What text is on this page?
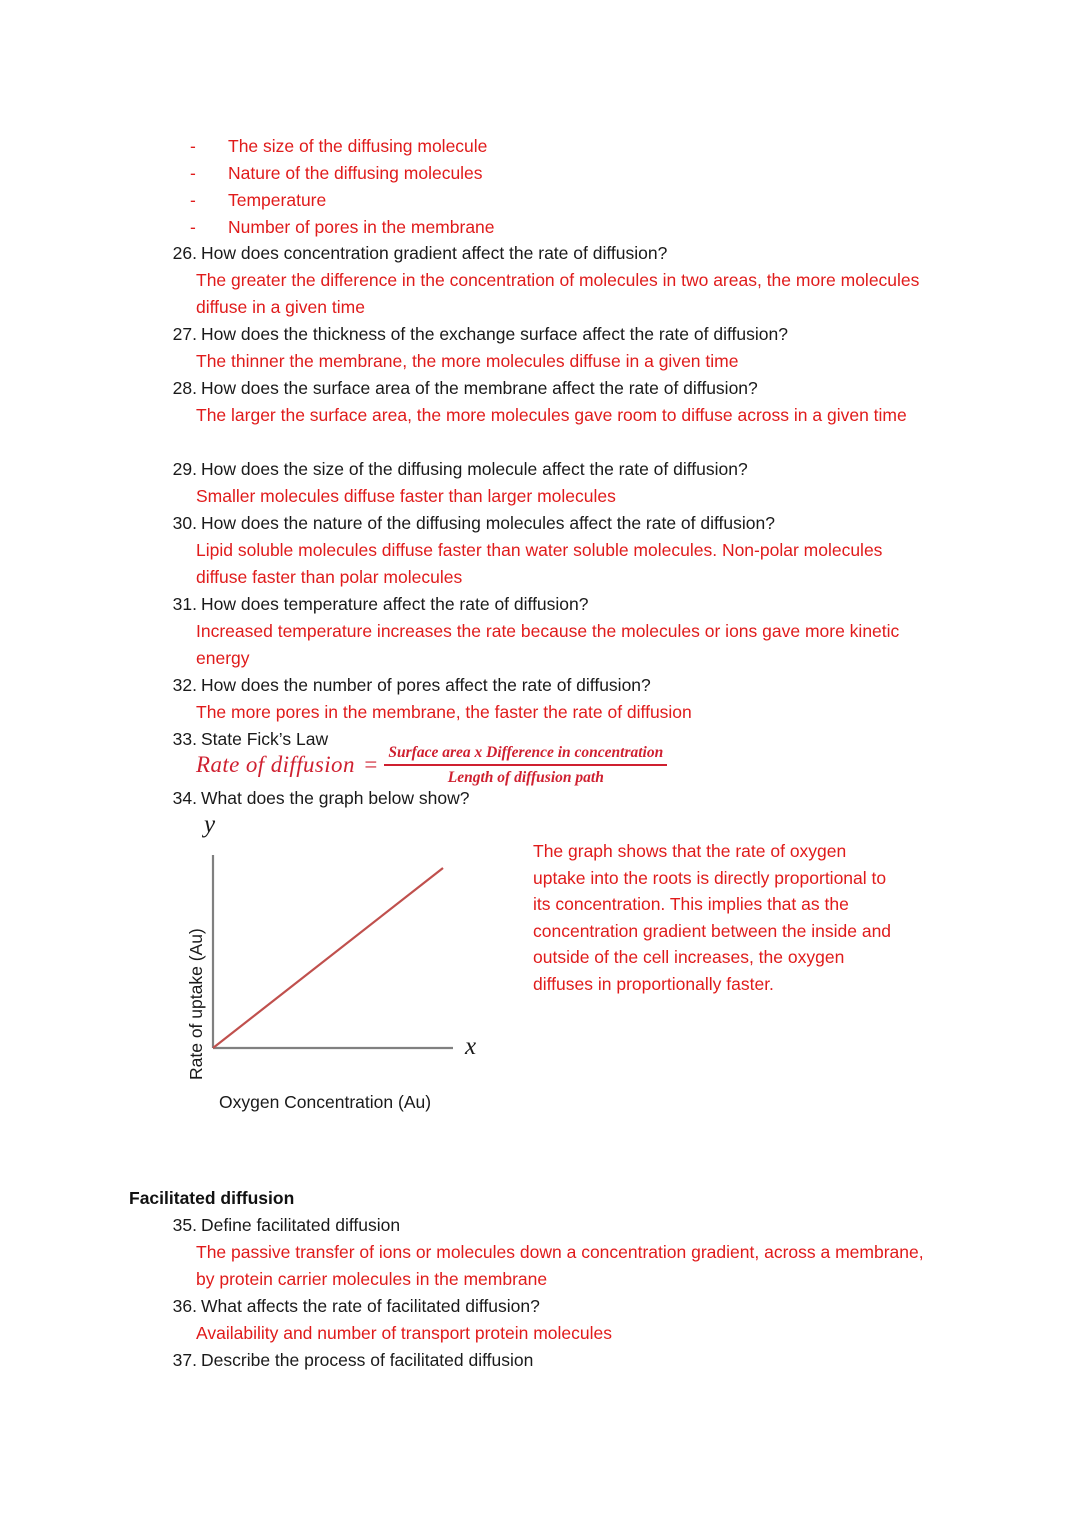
- The size of the diffusing molecule
- Nature of the diffusing molecules
- Temperature
- Number of pores in the membrane
26. How does concentration gradient affect the rate of diffusion?
The greater the difference in the concentration of molecules in two areas, the more molecules diffuse in a given time
27. How does the thickness of the exchange surface affect the rate of diffusion?
The thinner the membrane, the more molecules diffuse in a given time
28. How does the surface area of the membrane affect the rate of diffusion?
The larger the surface area, the more molecules gave room to diffuse across in a given time
29. How does the size of the diffusing molecule affect the rate of diffusion?
Smaller molecules diffuse faster than larger molecules
30. How does the nature of the diffusing molecules affect the rate of diffusion?
Lipid soluble molecules diffuse faster than water soluble molecules. Non-polar molecules diffuse faster than polar molecules
31. How does temperature affect the rate of diffusion?
Increased temperature increases the rate because the molecules or ions gave more kinetic energy
32. How does the number of pores affect the rate of diffusion?
The more pores in the membrane, the faster the rate of diffusion
33. State Fick’s Law
Rate of diffusion = $\frac{\text{Surface area x Difference in concentration}}{\text{Length of diffusion path}}$
34. What does the graph below show?
y
x
Rate of uptake (Au)
Oxygen Concentration (Au)
The graph shows that the rate of oxygen uptake into the roots is directly proportional to its concentration. This implies that as the concentration gradient between the inside and outside of the cell increases, the oxygen diffuses in proportionally faster.
Facilitated diffusion
35. Define facilitated diffusion
The passive transfer of ions or molecules down a concentration gradient, across a membrane, by protein carrier molecules in the membrane
36. What affects the rate of facilitated diffusion?
Availability and number of transport protein molecules
37. Describe the process of facilitated diffusion
